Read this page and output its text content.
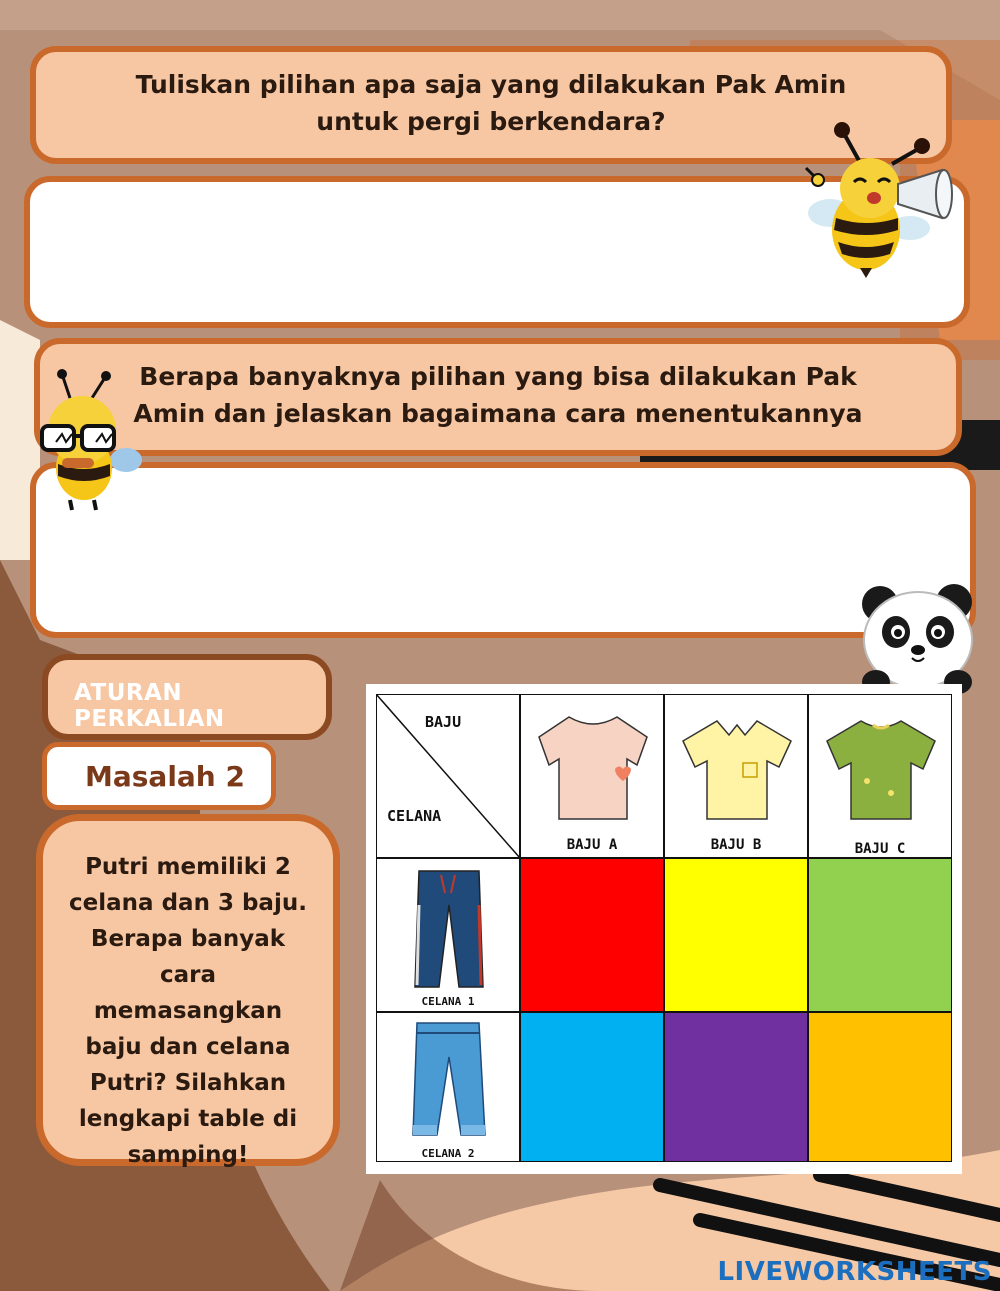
Tuliskan pilihan apa saja yang dilakukan Pak Amin untuk pergi berkendara?
Berapa banyaknya pilihan yang bisa dilakukan Pak Amin dan jelaskan bagaimana cara menentukannya
ATURAN PERKALIAN
Masalah 2
Putri memiliki 2 celana dan 3 baju. Berapa banyak cara memasangkan baju dan celana Putri? Silahkan lengkapi table di samping!
BAJU
CELANA
BAJU A	BAJU B	BAJU C
CELANA 1
CELANA 2
LIVEWORKSHEETS
